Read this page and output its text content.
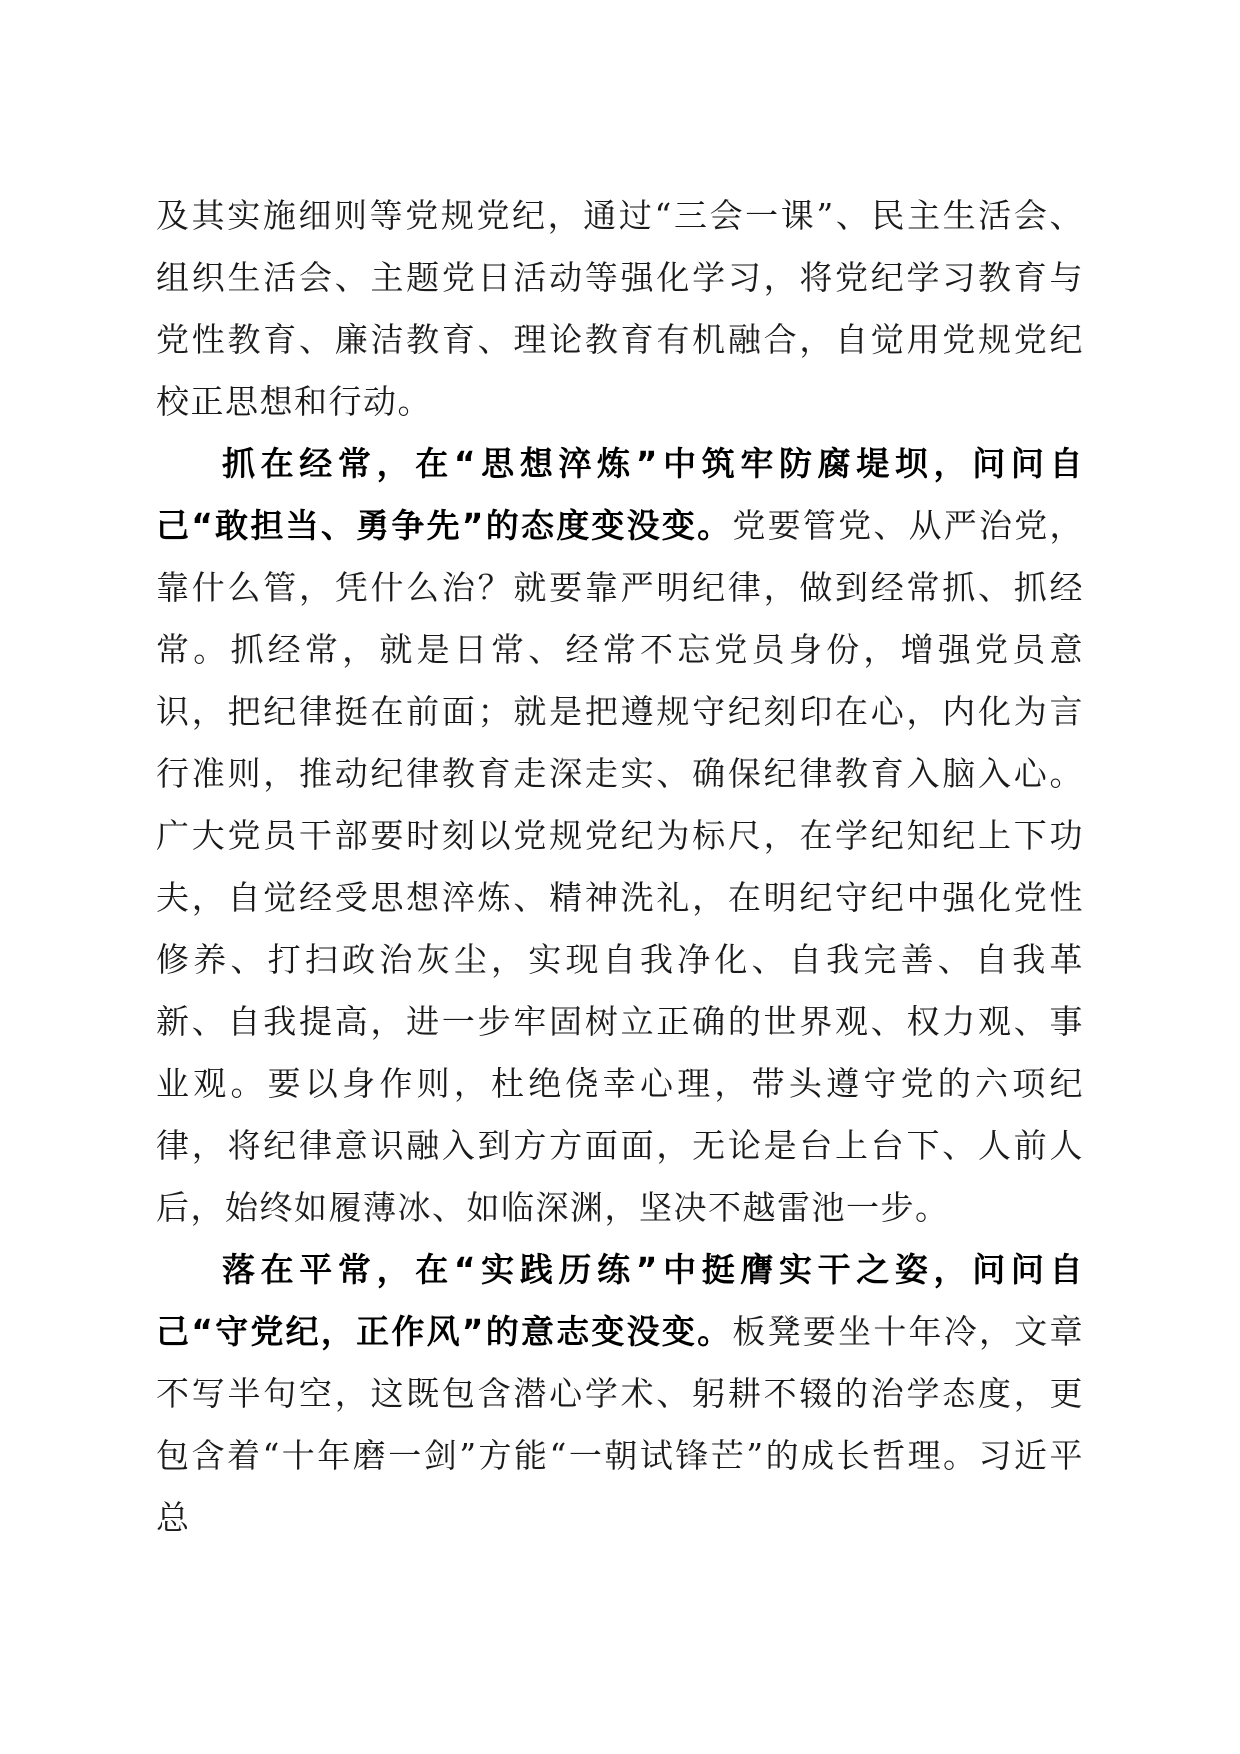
及其实施细则等党规党纪，通过“三会一课”、民主生活会、组织生活会、主题党日活动等强化学习，将党纪学习教育与党性教育、廉洁教育、理论教育有机融合，自觉用党规党纪校正思想和行动。

抓在经常，在“思想淬炼”中筑牢防腐堤坝，问问自己“敢担当、勇争先”的态度变没变。党要管党、从严治党，靠什么管，凭什么治？就要靠严明纪律，做到经常抓、抓经常。抓经常，就是日常、经常不忘党员身份，增强党员意识，把纪律挺在前面；就是把遵规守纪刻印在心，内化为言行准则，推动纪律教育走深走实、确保纪律教育入脑入心。广大党员干部要时刻以党规党纪为标尺，在学纪知纪上下功夫，自觉经受思想淬炼、精神洗礼，在明纪守纪中强化党性修养、打扫政治灰尘，实现自我净化、自我完善、自我革新、自我提高，进一步牢固树立正确的世界观、权力观、事业观。要以身作则，杜绝侥幸心理，带头遵守党的六项纪律，将纪律意识融入到方方面面，无论是台上台下、人前人后，始终如履薄冰、如临深渊，坚决不越雷池一步。

落在平常，在“实践历练”中挺膺实干之姿，问问自己“守党纪，正作风”的意志变没变。板凳要坐十年冷，文章不写半句空，这既包含潜心学术、躬耕不辍的治学态度，更包含着“十年磨一剑”方能“一朝试锋芒”的成长哲理。习近平总
